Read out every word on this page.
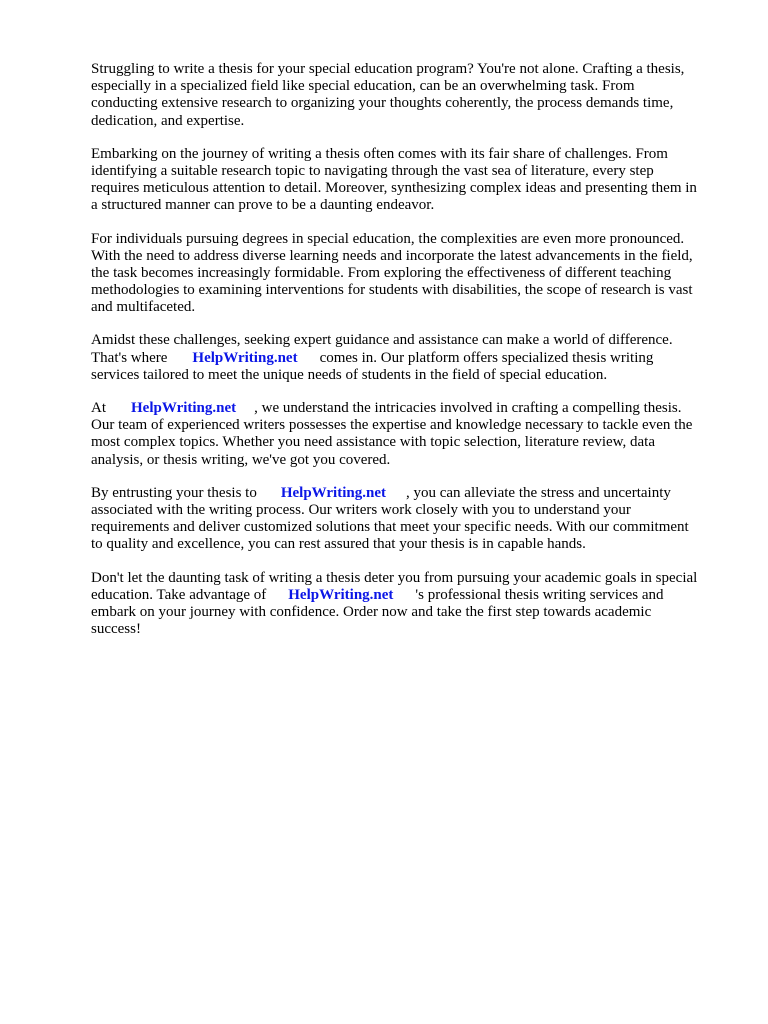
Struggling to write a thesis for your special education program? You're not alone. Crafting a thesis,
especially in a specialized field like special education, can be an overwhelming task. From
conducting extensive research to organizing your thoughts coherently, the process demands time,
dedication, and expertise.

Embarking on the journey of writing a thesis often comes with its fair share of challenges. From
identifying a suitable research topic to navigating through the vast sea of literature, every step
requires meticulous attention to detail. Moreover, synthesizing complex ideas and presenting them in
a structured manner can prove to be a daunting endeavor.

For individuals pursuing degrees in special education, the complexities are even more pronounced.
With the need to address diverse learning needs and incorporate the latest advancements in the field,
the task becomes increasingly formidable. From exploring the effectiveness of different teaching
methodologies to examining interventions for students with disabilities, the scope of research is vast
and multifaceted.

Amidst these challenges, seeking expert guidance and assistance can make a world of difference.
That's where HelpWriting.net comes in. Our platform offers specialized thesis writing
services tailored to meet the unique needs of students in the field of special education.

At HelpWriting.net , we understand the intricacies involved in crafting a compelling thesis.
Our team of experienced writers possesses the expertise and knowledge necessary to tackle even the
most complex topics. Whether you need assistance with topic selection, literature review, data
analysis, or thesis writing, we've got you covered.

By entrusting your thesis to HelpWriting.net , you can alleviate the stress and uncertainty
associated with the writing process. Our writers work closely with you to understand your
requirements and deliver customized solutions that meet your specific needs. With our commitment
to quality and excellence, you can rest assured that your thesis is in capable hands.

Don't let the daunting task of writing a thesis deter you from pursuing your academic goals in special
education. Take advantage of HelpWriting.net 's professional thesis writing services and
embark on your journey with confidence. Order now and take the first step towards academic
success!
